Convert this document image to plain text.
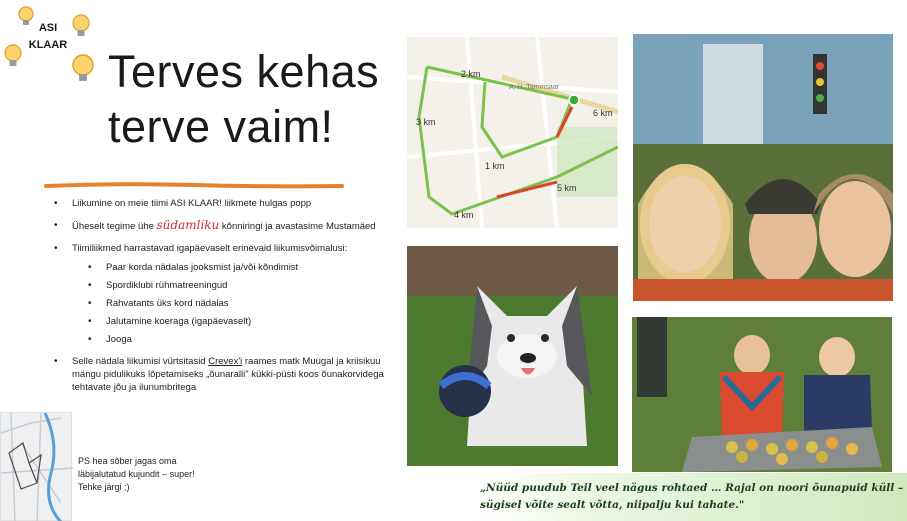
ASI
KLAAR
Terves kehas
terve vaim!
• Liikumine on meie tiimi ASI KLAAR! liikmete hulgas popp
• Üheselt tegime ühe südamliku kõnniringi ja avastasime Mustamäed
• Tiimiliikmed harrastavad igapäevaselt erinevaid liikumisvõimalusi:
• Paar korda nädalas jooksmist ja/või kõndimist
• Spordiklubi rühmatreeningud
• Rahvatants üks kord nädalas
• Jalutamine koeraga (igapäevaselt)
• Jooga
• Selle nädala liikumisi vürtsitasid Crevex'i raames matk Muugal ja kriisikuu mängu pidulikuks lõpetamiseks „õunaralli" kükki-püsti koos õunakorvidega tehtavate jõu ja ilunumbritega
PS hea sõber jagas oma
läbijalutatud kujundit – super!
Tehke järgi ;)
2 km
3 km
1 km
6 km
5 km
4 km
A. H. Tammsaar
„Nüüd puudub Teil veel nägus rohtaed … Rajal on noori õunapuid küll –
sügisel võite sealt võtta, niipalju kui tahate."
